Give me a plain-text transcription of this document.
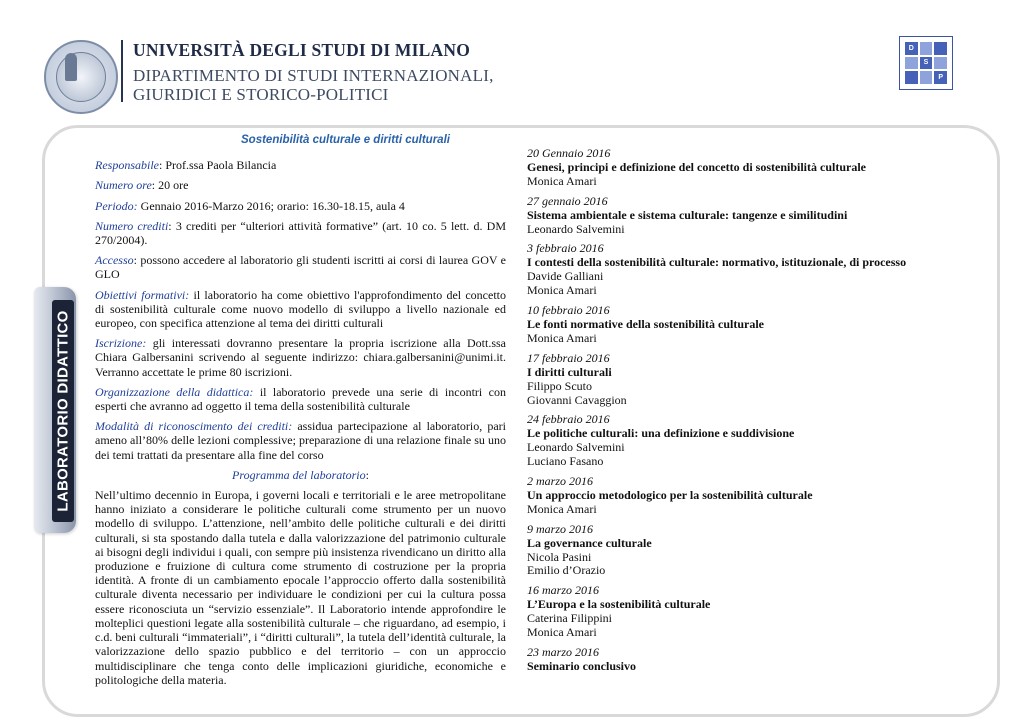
UNIVERSITÀ DEGLI STUDI DI MILANO
DIPARTIMENTO DI STUDI INTERNAZIONALI,
GIURIDICI E STORICO-POLITICI
D
S
P
LABORATORIO DIDATTICO
Sostenibilità culturale e diritti culturali

Responsabile: Prof.ssa Paola Bilancia

Numero ore: 20 ore

Periodo: Gennaio 2016-Marzo 2016; orario: 16.30-18.15, aula 4

Numero crediti: 3 crediti per “ulteriori attività formative” (art. 10 co. 5 lett. d. DM 270/2004).

Accesso: possono accedere al laboratorio gli studenti iscritti ai corsi di laurea GOV e GLO

Obiettivi formativi: il laboratorio ha come obiettivo l'approfondimento del concetto di sostenibilità culturale come nuovo modello di sviluppo a livello nazionale ed europeo, con specifica attenzione al tema dei diritti culturali

Iscrizione: gli interessati dovranno presentare la propria iscrizione alla Dott.ssa Chiara Galbersanini scrivendo al seguente indirizzo: chiara.galbersanini@unimi.it. Verranno accettate le prime 80 iscrizioni.

Organizzazione della didattica: il laboratorio prevede una serie di incontri con esperti che avranno ad oggetto il tema della sostenibilità culturale

Modalità di riconoscimento dei crediti: assidua partecipazione al laboratorio, pari ameno all’80% delle lezioni complessive; preparazione di una relazione finale su uno dei temi trattati da presentare alla fine del corso

Programma del laboratorio:

Nell’ultimo decennio in Europa, i governi locali e territoriali e le aree metropolitane hanno iniziato a considerare le politiche culturali come strumento per un nuovo modello di sviluppo. L’attenzione, nell’ambito delle politiche culturali e dei diritti culturali, si sta spostando dalla tutela e dalla valorizzazione del patrimonio culturale ai bisogni degli individui i quali, con sempre più insistenza rivendicano un diritto alla produzione e fruizione di cultura come strumento di costruzione per la propria identità. A fronte di un cambiamento epocale l’approccio offerto dalla sostenibilità culturale diventa necessario per individuare le condizioni per cui la cultura possa essere riconosciuta un “servizio essenziale”. Il Laboratorio intende approfondire le molteplici questioni legate alla sostenibilità culturale – che riguardano, ad esempio, i c.d. beni culturali “immateriali”, i “diritti culturali”, la tutela dell’identità culturale, la valorizzazione dello spazio pubblico e del territorio – con un approccio multidisciplinare che tenga conto delle implicazioni giuridiche, economiche e politologiche della materia.

20 Gennaio 2016
Genesi, principi e definizione del concetto di sostenibilità culturale
Monica Amari
27 gennaio 2016
Sistema ambientale e sistema culturale: tangenze e similitudini
Leonardo Salvemini
3 febbraio 2016
I contesti della sostenibilità culturale: normativo, istituzionale, di processo
Davide Galliani
Monica Amari
10 febbraio 2016
Le fonti normative della sostenibilità culturale
Monica Amari
17 febbraio 2016
I diritti culturali
Filippo Scuto
Giovanni Cavaggion
24 febbraio 2016
Le politiche culturali: una definizione e suddivisione
Leonardo Salvemini
Luciano Fasano
2 marzo 2016
Un approccio metodologico per la sostenibilità culturale
Monica Amari
9 marzo 2016
La governance culturale
Nicola Pasini
Emilio d’Orazio
16 marzo 2016
L’Europa e la sostenibilità culturale
Caterina Filippini
Monica Amari
23 marzo 2016
Seminario conclusivo
